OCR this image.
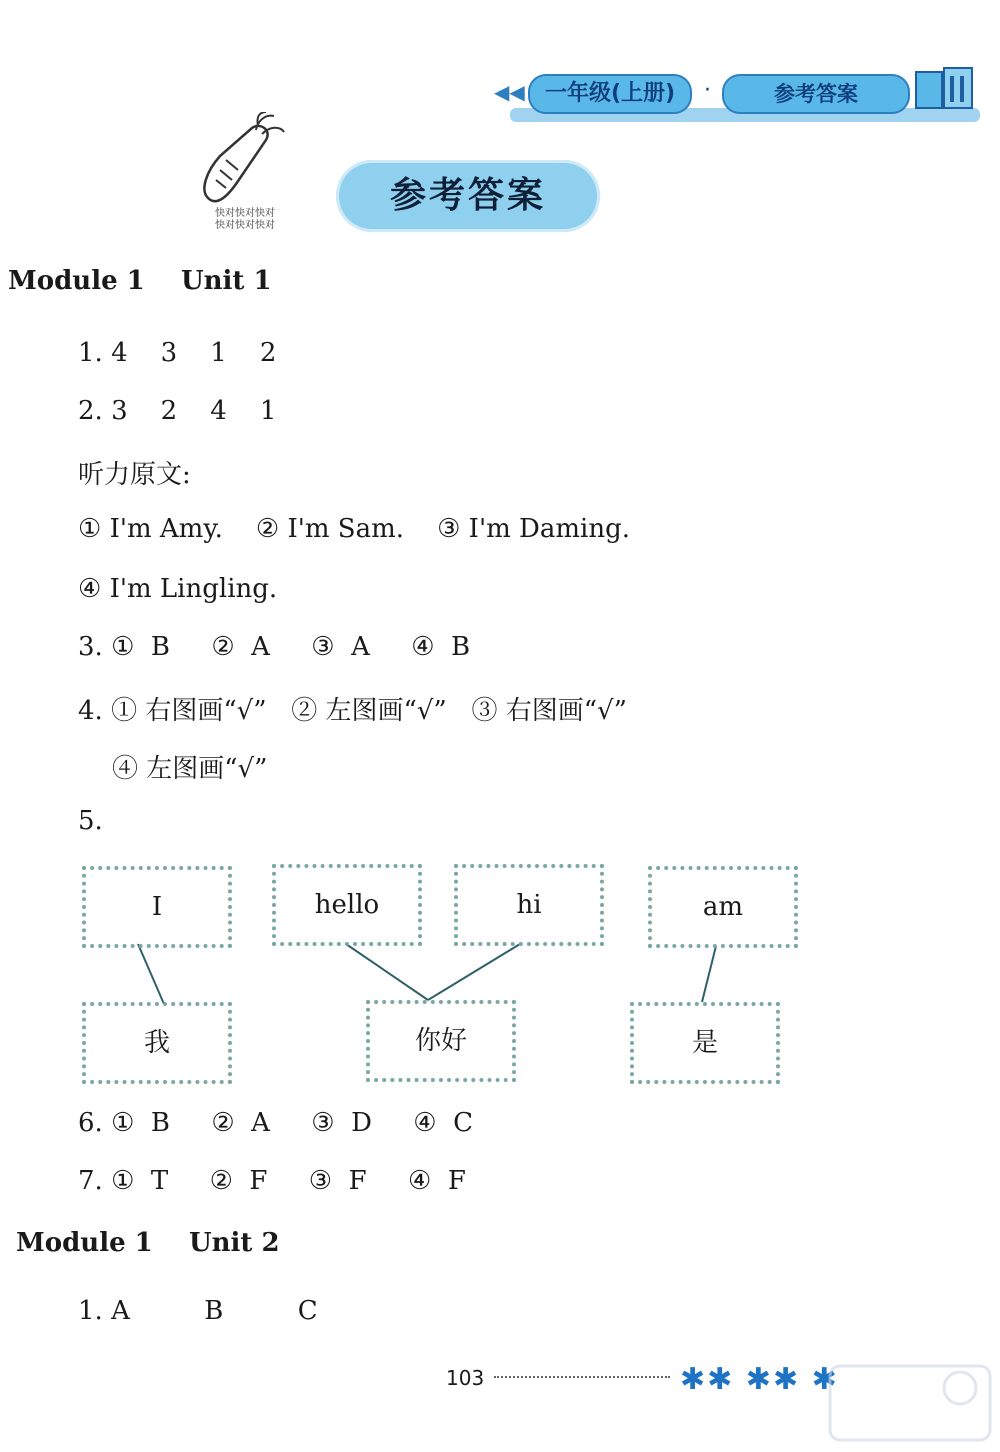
◀◀ 一年级(上册)	·	参考答案
快对快对快对
快对快对快对
参考答案
Module 1    Unit 1
1. 4    3    1    2
2. 3    2    4    1
听力原文:
① I'm Amy.    ② I'm Sam.    ③ I'm Daming.
④ I'm Lingling.
3. ①  B     ②  A     ③  A     ④  B
4. ① 右图画“√”   ② 左图画“√”   ③ 右图画“√”
④ 左图画“√”
5.
I	hello	hi	am
我	你好	是
6. ①  B     ②  A     ③  D     ④  C
7. ①  T     ②  F     ③  F     ④  F
Module 1    Unit 2
1. A         B         C
103	✱✱ ✱✱ ✱
